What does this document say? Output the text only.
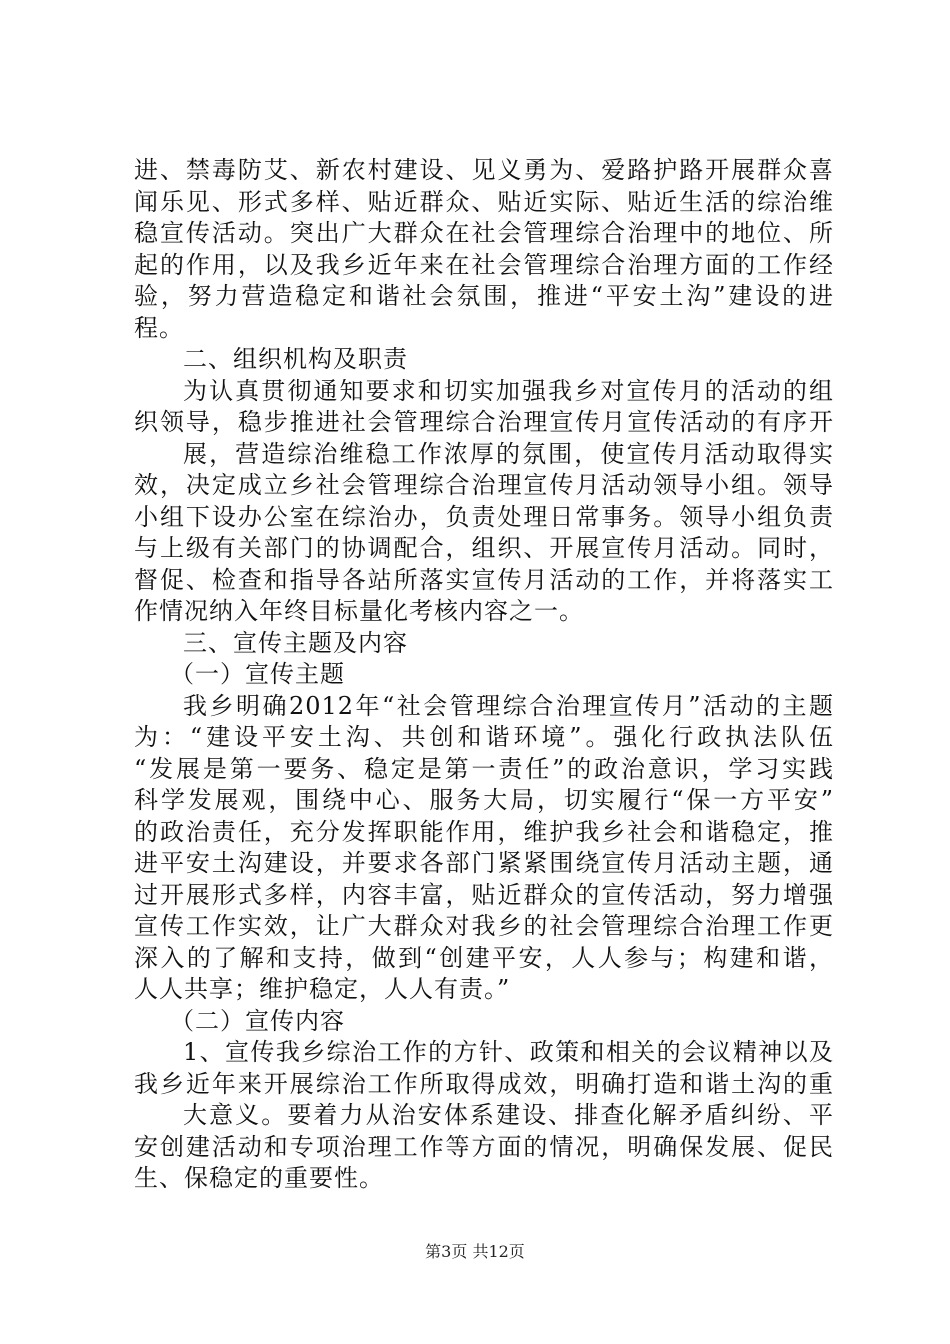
进、禁毒防艾、新农村建设、见义勇为、爱路护路开展群众喜
闻乐见、形式多样、贴近群众、贴近实际、贴近生活的综治维
稳宣传活动。突出广大群众在社会管理综合治理中的地位、所
起的作用，以及我乡近年来在社会管理综合治理方面的工作经
验，努力营造稳定和谐社会氛围，推进“平安土沟”建设的进
程。
二、组织机构及职责
为认真贯彻通知要求和切实加强我乡对宣传月的活动的组
织领导，稳步推进社会管理综合治理宣传月宣传活动的有序开
展，营造综治维稳工作浓厚的氛围，使宣传月活动取得实
效，决定成立乡社会管理综合治理宣传月活动领导小组。领导
小组下设办公室在综治办，负责处理日常事务。领导小组负责
与上级有关部门的协调配合，组织、开展宣传月活动。同时，
督促、检查和指导各站所落实宣传月活动的工作，并将落实工
作情况纳入年终目标量化考核内容之一。
三、宣传主题及内容
（一）宣传主题
我乡明确2012年“社会管理综合治理宣传月”活动的主题
为：“建设平安土沟、共创和谐环境”。强化行政执法队伍
“发展是第一要务、稳定是第一责任”的政治意识，学习实践
科学发展观，围绕中心、服务大局，切实履行“保一方平安”
的政治责任，充分发挥职能作用，维护我乡社会和谐稳定，推
进平安土沟建设，并要求各部门紧紧围绕宣传月活动主题，通
过开展形式多样，内容丰富，贴近群众的宣传活动，努力增强
宣传工作实效，让广大群众对我乡的社会管理综合治理工作更
深入的了解和支持，做到“创建平安，人人参与；构建和谐，
人人共享；维护稳定，人人有责。”
（二）宣传内容
1、宣传我乡综治工作的方针、政策和相关的会议精神以及
我乡近年来开展综治工作所取得成效，明确打造和谐土沟的重
大意义。要着力从治安体系建设、排查化解矛盾纠纷、平
安创建活动和专项治理工作等方面的情况，明确保发展、促民
生、保稳定的重要性。
第3页 共12页
